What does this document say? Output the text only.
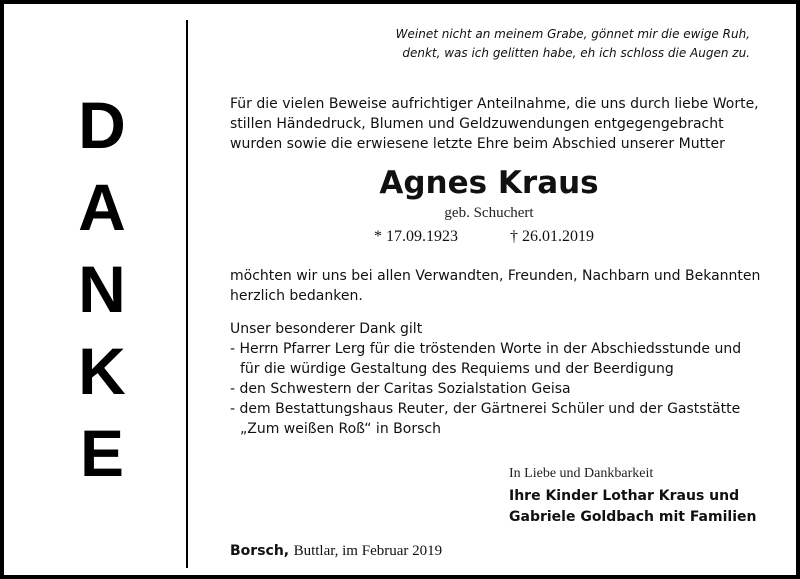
D
A
N
K
E
Weinet nicht an meinem Grabe, gönnet mir die ewige Ruh,
denkt, was ich gelitten habe, eh ich schloss die Augen zu.
Für die vielen Beweise aufrichtiger Anteilnahme, die uns durch liebe Worte,
stillen Händedruck, Blumen und Geldzuwendungen entgegengebracht
wurden sowie die erwiesene letzte Ehre beim Abschied unserer Mutter
Agnes Kraus
geb. Schuchert
* 17.09.1923	† 26.01.2019
möchten wir uns bei allen Verwandten, Freunden, Nachbarn und Bekannten
herzlich bedanken.
Unser besonderer Dank gilt
- Herrn Pfarrer Lerg für die tröstenden Worte in der Abschiedsstunde und
für die würdige Gestaltung des Requiems und der Beerdigung
- den Schwestern der Caritas Sozialstation Geisa
- dem Bestattungshaus Reuter, der Gärtnerei Schüler und der Gaststätte
„Zum weißen Roß“ in Borsch
In Liebe und Dankbarkeit
Ihre Kinder Lothar Kraus und
Gabriele Goldbach mit Familien
Borsch, Buttlar, im Februar 2019
